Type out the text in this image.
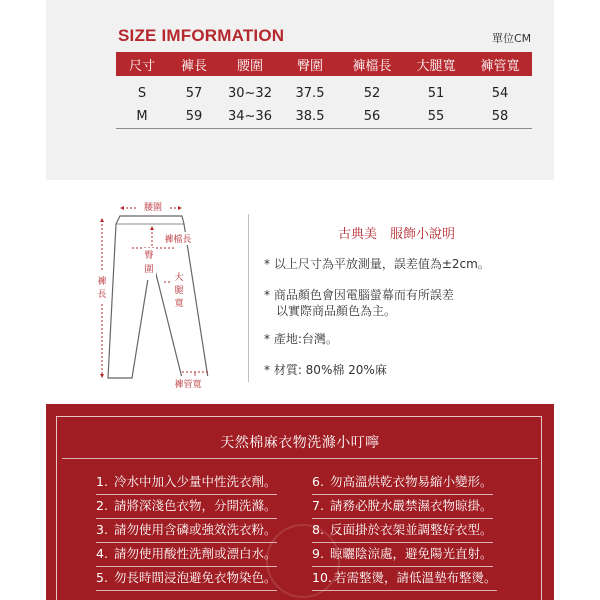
SIZE IMFORMATION	單位CM
尺寸	褲長	腰圍	臀圍	褲檔長	大腿寬	褲管寬
S	57	30~32	37.5	52	51	54
M	59	34~36	38.5	56	55	58
腰圍
褲檔長
臀
圍
褲
長
大
腿
寬
褲管寬
古典美　服飾小說明
* 以上尺寸為平放測量，誤差值為±2cm。
* 商品顏色會因電腦螢幕而有所誤差
以實際商品顏色為主。
* 產地:台灣。
* 材質: 80%棉 20%麻
天然棉麻衣物洗滌小叮嚀
1. 冷水中加入少量中性洗衣劑。
2. 請將深淺色衣物，分開洗滌。
3. 請勿使用含磷或強效洗衣粉。
4. 請勿使用酸性洗劑或漂白水。
5. 勿長時間浸泡避免衣物染色。
6. 勿高溫烘乾衣物易縮小變形。
7. 請務必脫水嚴禁濕衣物晾掛。
8. 反面掛於衣架並調整好衣型。
9. 晾曬陰涼處，避免陽光直射。
10. 若需整燙，請低溫墊布整燙。
